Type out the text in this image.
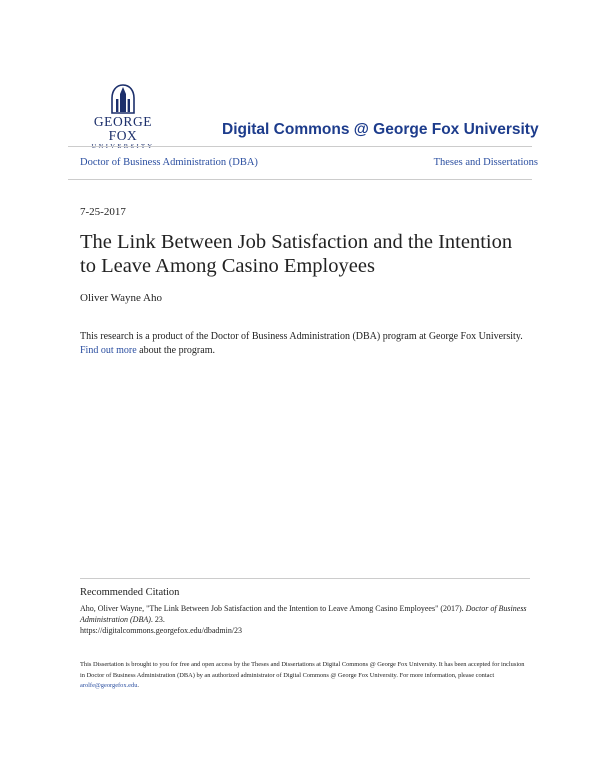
GEORGE FOX	Digital Commons @ George Fox University
Doctor of Business Administration (DBA)	Theses and Dissertations
7-25-2017
The Link Between Job Satisfaction and the Intention to Leave Among Casino Employees
Oliver Wayne Aho
This research is a product of the Doctor of Business Administration (DBA) program at George Fox University.
Find out more about the program.
Recommended Citation
Aho, Oliver Wayne, "The Link Between Job Satisfaction and the Intention to Leave Among Casino Employees" (2017). Doctor of Business Administration (DBA). 23.
https://digitalcommons.georgefox.edu/dbadmin/23
This Dissertation is brought to you for free and open access by the Theses and Dissertations at Digital Commons @ George Fox University. It has been accepted for inclusion in Doctor of Business Administration (DBA) by an authorized administrator of Digital Commons @ George Fox University. For more information, please contact arolfe@georgefox.edu.
